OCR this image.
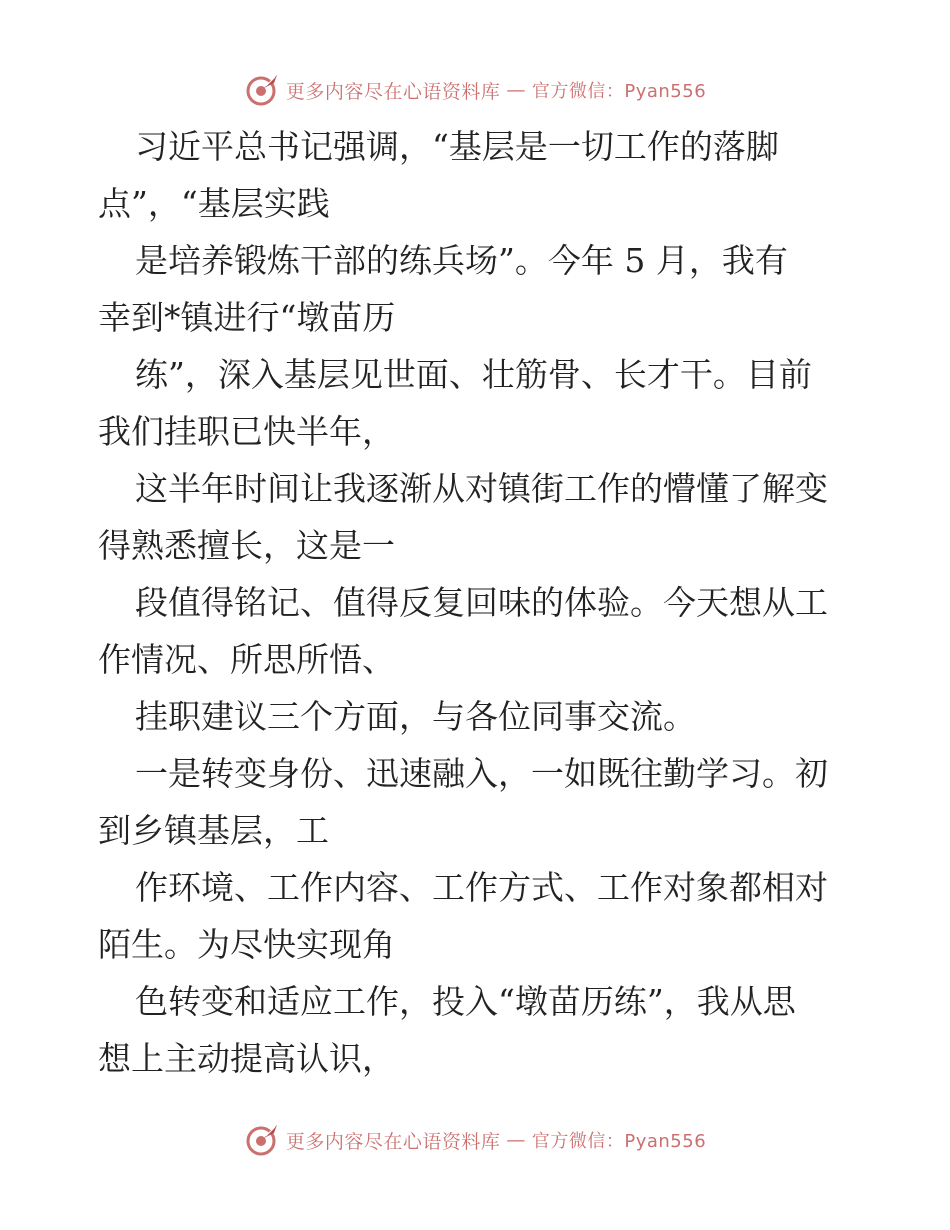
更多内容尽在心语资料库 — 官方微信：Pyan556

习近平总书记强调，“基层是一切工作的落脚

点”，“基层实践

是培养锻炼干部的练兵场”。今年 5 月，我有

幸到*镇进行“墩苗历

练”，深入基层见世面、壮筋骨、长才干。目前

我们挂职已快半年，

这半年时间让我逐渐从对镇街工作的懵懂了解变

得熟悉擅长，这是一

段值得铭记、值得反复回味的体验。今天想从工

作情况、所思所悟、

挂职建议三个方面，与各位同事交流。

一是转变身份、迅速融入，一如既往勤学习。初

到乡镇基层，工

作环境、工作内容、工作方式、工作对象都相对

陌生。为尽快实现角

色转变和适应工作，投入“墩苗历练”，我从思

想上主动提高认识，

更多内容尽在心语资料库 — 官方微信：Pyan556
